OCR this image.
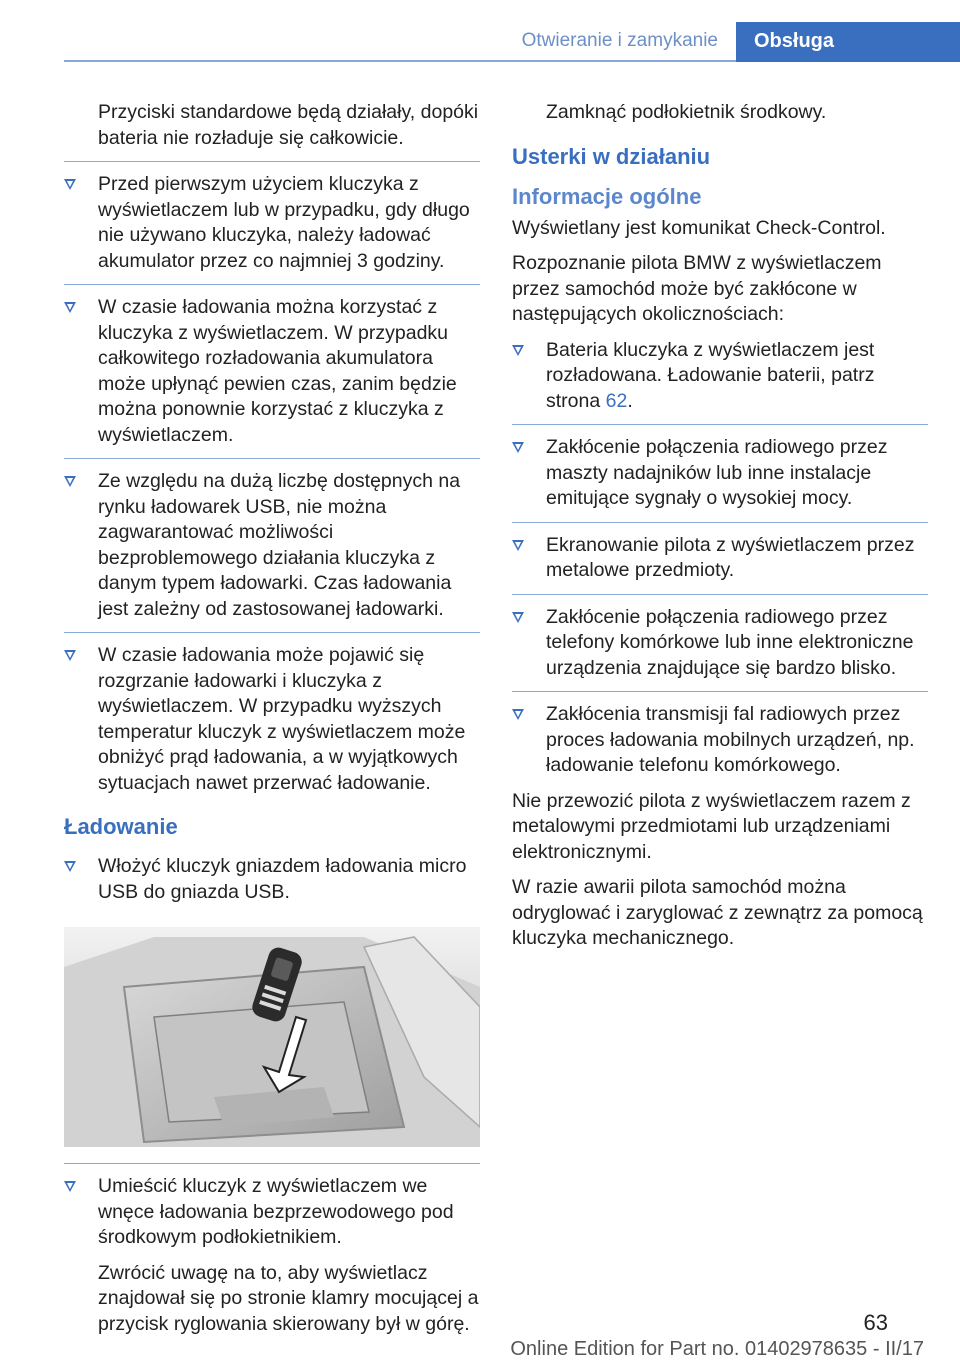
Otwieranie i zamykanie	Obsługa
Przyciski standardowe będą działały, dopóki bateria nie rozładuje się całkowicie.
Przed pierwszym użyciem kluczyka z wyświetlaczem lub w przypadku, gdy długo nie używano kluczyka, należy ładować akumulator przez co najmniej 3 godziny.
W czasie ładowania można korzystać z kluczyka z wyświetlaczem. W przypadku całkowitego rozładowania akumulatora może upłynąć pewien czas, zanim będzie można ponownie korzystać z kluczyka z wyświetlaczem.
Ze względu na dużą liczbę dostępnych na rynku ładowarek USB, nie można zagwarantować możliwości bezproblemowego działania kluczyka z danym typem ładowarki. Czas ładowania jest zależny od zastosowanej ładowarki.
W czasie ładowania może pojawić się rozgrzanie ładowarki i kluczyka z wyświetlaczem. W przypadku wyższych temperatur kluczyk z wyświetlaczem może obniżyć prąd ładowania, a w wyjątkowych sytuacjach nawet przerwać ładowanie.
Ładowanie
Włożyć kluczyk gniazdem ładowania micro USB do gniazda USB.
Umieścić kluczyk z wyświetlaczem we wnęce ładowania bezprzewodowego pod środkowym podłokietnikiem.
Zwrócić uwagę na to, aby wyświetlacz znajdował się po stronie klamry mocującej a przycisk ryglowania skierowany był w górę.
Zamknąć podłokietnik środkowy.
Usterki w działaniu
Informacje ogólne
Wyświetlany jest komunikat Check-Control.
Rozpoznanie pilota BMW z wyświetlaczem przez samochód może być zakłócone w następujących okolicznościach:
Bateria kluczyka z wyświetlaczem jest rozładowana. Ładowanie baterii, patrz strona 62.
Zakłócenie połączenia radiowego przez maszty nadajników lub inne instalacje emitujące sygnały o wysokiej mocy.
Ekranowanie pilota z wyświetlaczem przez metalowe przedmioty.
Zakłócenie połączenia radiowego przez telefony komórkowe lub inne elektroniczne urządzenia znajdujące się bardzo blisko.
Zakłócenia transmisji fal radiowych przez proces ładowania mobilnych urządzeń, np. ładowanie telefonu komórkowego.
Nie przewozić pilota z wyświetlaczem razem z metalowymi przedmiotami lub urządzeniami elektronicznymi.
W razie awarii pilota samochód można odryglować i zaryglować z zewnątrz za pomocą kluczyka mechanicznego.
63
Online Edition for Part no. 01402978635 - II/17
